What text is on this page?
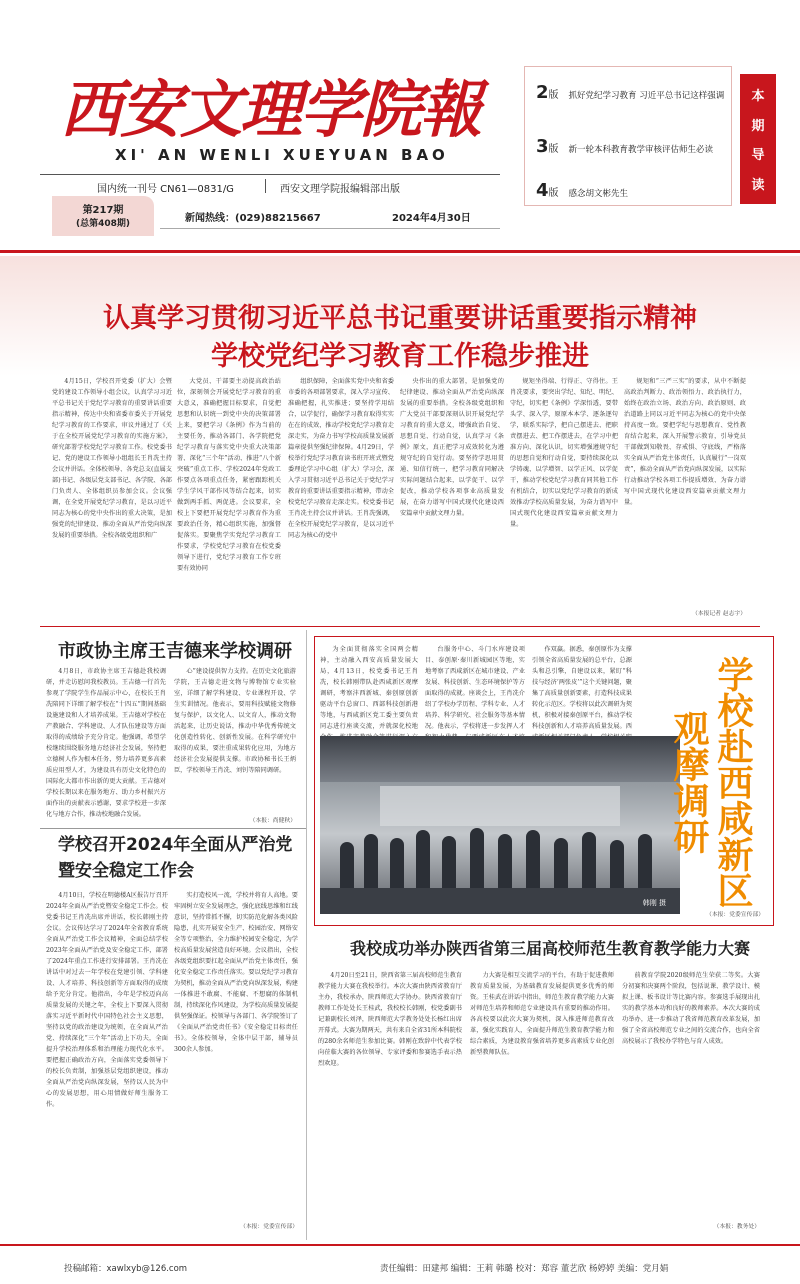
西安文理学院報
XI' AN WENLI XUEYUAN BAO
国内统一刊号 CN61—0831/G	西安文理学院报编辑部出版
第217期
(总第408期)	新闻热线：(029)88215667	2024年4月30日
2版 抓好党纪学习教育 习近平总书记这样强调
3版 新一轮本科教育教学审核评估师生必读
4版 感念胡文彬先生
本
期
导
读
认真学习贯彻习近平总书记重要讲话重要指示精神
学校党纪学习教育工作稳步推进

4月15日，学校召开党委（扩大）会暨党的建设工作领导小组会议，认真学习习近平总书记关于党纪学习教育的重要讲话重要指示精神，传达中央和省委市委关于开展党纪学习教育的工作要求，审议并通过了《关于在全校开展党纪学习教育的实施方案》，研究部署学校党纪学习教育工作。校党委书记、党的建设工作领导小组组长王肖冼主持会议并讲话。全体校领导、各党总支(直属支部)书记、各级层党支部书记、各学院、各部门负责人、全体组织员参加会议。会议强调，在全党开展党纪学习教育，是以习近平同志为核心的党中央作出的重大决策，是加强党的纪律建设、推动全面从严治党向纵深发展的重要举措。全校各级党组织和广

大党员、干部要主动提高政治站位，深刻领会开展党纪学习教育的重大意义，准确把握目标要求，自觉把思想和认识统一到党中央的决策部署上来，要把学习《条例》作为当前的主要任务，推动各部门、各学院把党纪学习教育与落实党中央重大决策部署、深化“三个年”活动、推进“八个新突破”重点工作、学校2024年党政工作要点各项重点任务，紧密跟踪机关学生学风干部作风等结合起来，切实做到两手抓、两促进。会议要求，全校上下要把开展党纪学习教育作为重要政治任务，精心组织实施，加强督促落实。要聚焦学实党纪学习教育工作要求，学校党纪学习教育在校党委领导下进行，党纪学习教育工作专班要有效协同

组织保障，全面落实党中央和省委市委的各项部署要求，深入学习宣传、准确把握，扎实推进；要坚持学用结合，以学促行，确保学习教育取得实实在在的成效，推动学校党纪学习教育走深走实，为奋力书写学校高质量发展新篇章提供坚强纪律保障。4月29日，学校举行党纪学习教育读书班开班式暨党委理论学习中心组（扩大）学习会，深入学习贯彻习近平总书记关于党纪学习教育的重要讲话重要指示精神，带动全校党纪学习教育走深走实。校党委书记王肖冼主持会议并讲话。王肖冼强调，在全校开展党纪学习教育，是以习近平同志为核心的党中

央作出的重大部署，是加强党的纪律建设、推动全面从严治党向纵深发展的重要举措。全校各级党组织和广大党员干部要深刻认识开展党纪学习教育的重大意义，增强政治自觉、思想自觉、行动自觉，认真学习《条例》原文，真正把学习成效转化为遵规守纪的自觉行动。要坚持学思用贯通、知信行统一，把学习教育同解决实际问题结合起来，以学促干、以学促改，推动学校各项事业高质量发展，在奋力谱写中国式现代化建设西安篇章中贡献文理力量。

规矩坐得端、行得正、守得住。王肖冼要求，要突出学纪、知纪、明纪、守纪，切实把《条例》学深悟透，要带头学、深入学，原原本本学、逐条逐句学，联系实际学，把自己摆进去、把职责摆进去、把工作摆进去，在学习中把准方向、深化认识，切实增强遵规守纪的思想自觉和行动自觉，要持续深化以学铸魂、以学增智、以学正风、以学促干，推动学校党纪学习教育同其他工作有机结合，切实以党纪学习教育的新成效推动学校高质量发展，为奋力谱写中国式现代化建设西安篇章贡献文理力量。

规矩和“三严三实”的要求，从中不断提高政治判断力、政治领悟力、政治执行力，始终在政治立场、政治方向、政治原则、政治道路上同以习近平同志为核心的党中央保持高度一致。要把学纪与思想教育、党性教育结合起来，深入开展警示教育，引导党员干部做到知敬畏、存戒惧、守底线，严格落实全面从严治党主体责任，认真履行“一岗双责”，推动全面从严治党向纵深发展，以实际行动推动学校各项工作提质增效、为奋力谱写中国式现代化建设西安篇章贡献文理力量。

（本报记者 赵志宇）
市政协主席王吉德来学校调研

4月8日，市政协主席王吉德赴我校调研，并走访慰问我校教员。王吉德一行首先参观了学院学生作品展示中心，在校长王肖冼陪同下详细了解学校在“十四五”期间基础设施建设和人才培养成果。王吉德对学校在产教融合、学科建设、人才队伍建设等方面取得的成绩给予充分肯定。他强调，希望学校继续围绕服务地方经济社会发展，坚持把立德树人作为根本任务，努力培养更多高素质应用型人才，为建设具有历史文化特色的国际化大都市作出新的更大贡献。王吉德对学校长期以来在服务地方、助力乡村振兴方面作出的贡献表示感谢，要求学校进一步深化与地方合作，推动校地融合发展。

心”建设提供智力支持。在历史文化旅游学院，王吉德走进文物与博物馆专业实验室，详细了解学科建设、专业课程开设、学生实训情况。他表示，要用科技赋能文物修复与保护，以文化人、以文育人，推动文物活起来，让历史说话，推动中华优秀传统文化创造性转化、创新性发展。在科学研究中取得的成果，要注重成果转化应用，为地方经济社会发展提供支撑。市政协秘书长王炳臣，学校领导王肖冼、刘钊等陪同调研。

（本报：尚健秋）
学校召开2024年全面从严治党暨安全稳定工作会

4月10日，学校在明德楼A区报告厅召开2024年全面从严治党暨安全稳定工作会。校党委书记王肖冼出席并讲话，校长韩刚主持会议。会议传达学习了2024年全省教育系统全面从严治党工作会议精神，全面总结学校2023年全面从严治党及安全稳定工作，部署了2024年重点工作进行安排部署。王肖冼在讲话中对过去一年学校在党建引领、学科建设、人才培养、科技创新等方面取得的成绩给予充分肯定。他指出，今年是学校迈向高质量发展的关键之年，全校上下要深入贯彻落实习近平新时代中国特色社会主义思想，坚持以党的政治建设为统领，在全面从严治党、持续深化“三个年”活动上下功夫，全面提升学校治理体系和治理能力现代化水平。要把握正确政治方向，全面落实党委领导下的校长负责制，加强基层党组织建设，推动全面从严治党向纵深发展，坚持以人民为中心的发展思想，用心用情做好师生服务工作。

实打造校风一流，学校并将育人高地。要牢固树立安全发展理念，强化底线思维和红线意识，坚持常抓不懈，切实防范化解各类风险隐患，扎实开展安全生产、校园治安、网络安全等专项整治，全力维护校园安全稳定，为学校高质量发展营造良好环境。会议指出，全校各级党组织要扛起全面从严治党主体责任，强化安全稳定工作责任落实。要以党纪学习教育为契机，推动全面从严治党向纵深发展，构建一体推进不敢腐、不能腐、不想腐的体制机制，持续深化作风建设，为学校高质量发展提供坚强保证。校领导与各部门、各学院签订了《全面从严治党责任书》《安全稳定目标责任书》。全体校领导，全体中层干部，辅导员300余人参加。

（本报：党委宣传部）

为全面贯彻落实全国两会精神，主动融入西安高质量发展大局，4月13日，校党委书记王肖冼，校长韩刚带队赴西咸新区观摩调研，考察沣西新城、秦创原创新驱动平台总窗口、西部科技创新港等地，与西咸新区党工委主要负责同志进行座谈交流，并就深化校地

台服务中心、斗门水库建设项目、泰创原·秦川新城园区等地，实地考察了西咸新区在城市建设、产业发展、科技创新、生态环境保护等方面取得的成就。座谈会上，王肖冼介绍了学校办学历程、学科专业、人才培养、科学研究、社会服务等基本情况。他表示，学校将进一步发挥人才

作双赢。据悉，秦创原作为支撑引领全省高质量发展的总平台，总源头和总引擎，自建设以来，紧盯“科技与经济‘两张皮’”这个关键问题，聚集了高质量创新要素，打造科技成果转化示范区。学校将以此次调研为契机，积极对接秦创原平台，推动学校科技创新和人才培养高质量发展。西

（本报：党委宣传部）
韩刚 摄 学校赴西咸新区观摩调研
我校成功举办陕西省第三届高校师范生教育教学能力大赛

4月20日至21日，陕西省第三届高校师范生教育教学能力大赛在我校举行。本次大赛由陕西省教育厅主办，我校承办，陕西师范大学协办。陕西省教育厅教师工作处处长王桂武，我校校长韩刚，校党委副书记兼副校长刘泽，陕西师范大学教务处处长杨红出席开幕式。大赛为期两天，共有来自全省31所本科院校的280余名师范生参加比赛。韩刚在致辞中代表学校向莅临大赛的各位领导、专家评委和参赛选手表示热烈欢迎。

力大赛是相互交流学习的平台，有助于促进教师教育质量发展，为基础教育发展提供更多优秀的师资。王桂武在讲话中指出，师范生教育教学能力大赛对师范生培养和师范专业建设具有重要的推动作用。各高校要以此次大赛为契机，深入推进师范教育改革，强化实践育人，全面提升师范生教育教学能力和综合素质，为建设教育强省培养更多高素质专业化创新型教师队伍。

前教育学院2020级师范生荣获二等奖。大赛分初赛和决赛两个阶段，包括说课、教学设计、模拟上课、板书设计等比赛内容。参赛选手展现出扎实的教学基本功和良好的教师素养。本次大赛的成功举办，进一步推动了我省师范教育改革发展，加强了全省高校师范专业之间的交流合作，也向全省高校展示了我校办学特色与育人成效。

（本报：教务处）
投稿邮箱：xawlxyb@126.com	责任编辑：田建邦 编辑：王莉 韩璐 校对：郑容 董艺欣 杨婷婷 美编：党月娟
